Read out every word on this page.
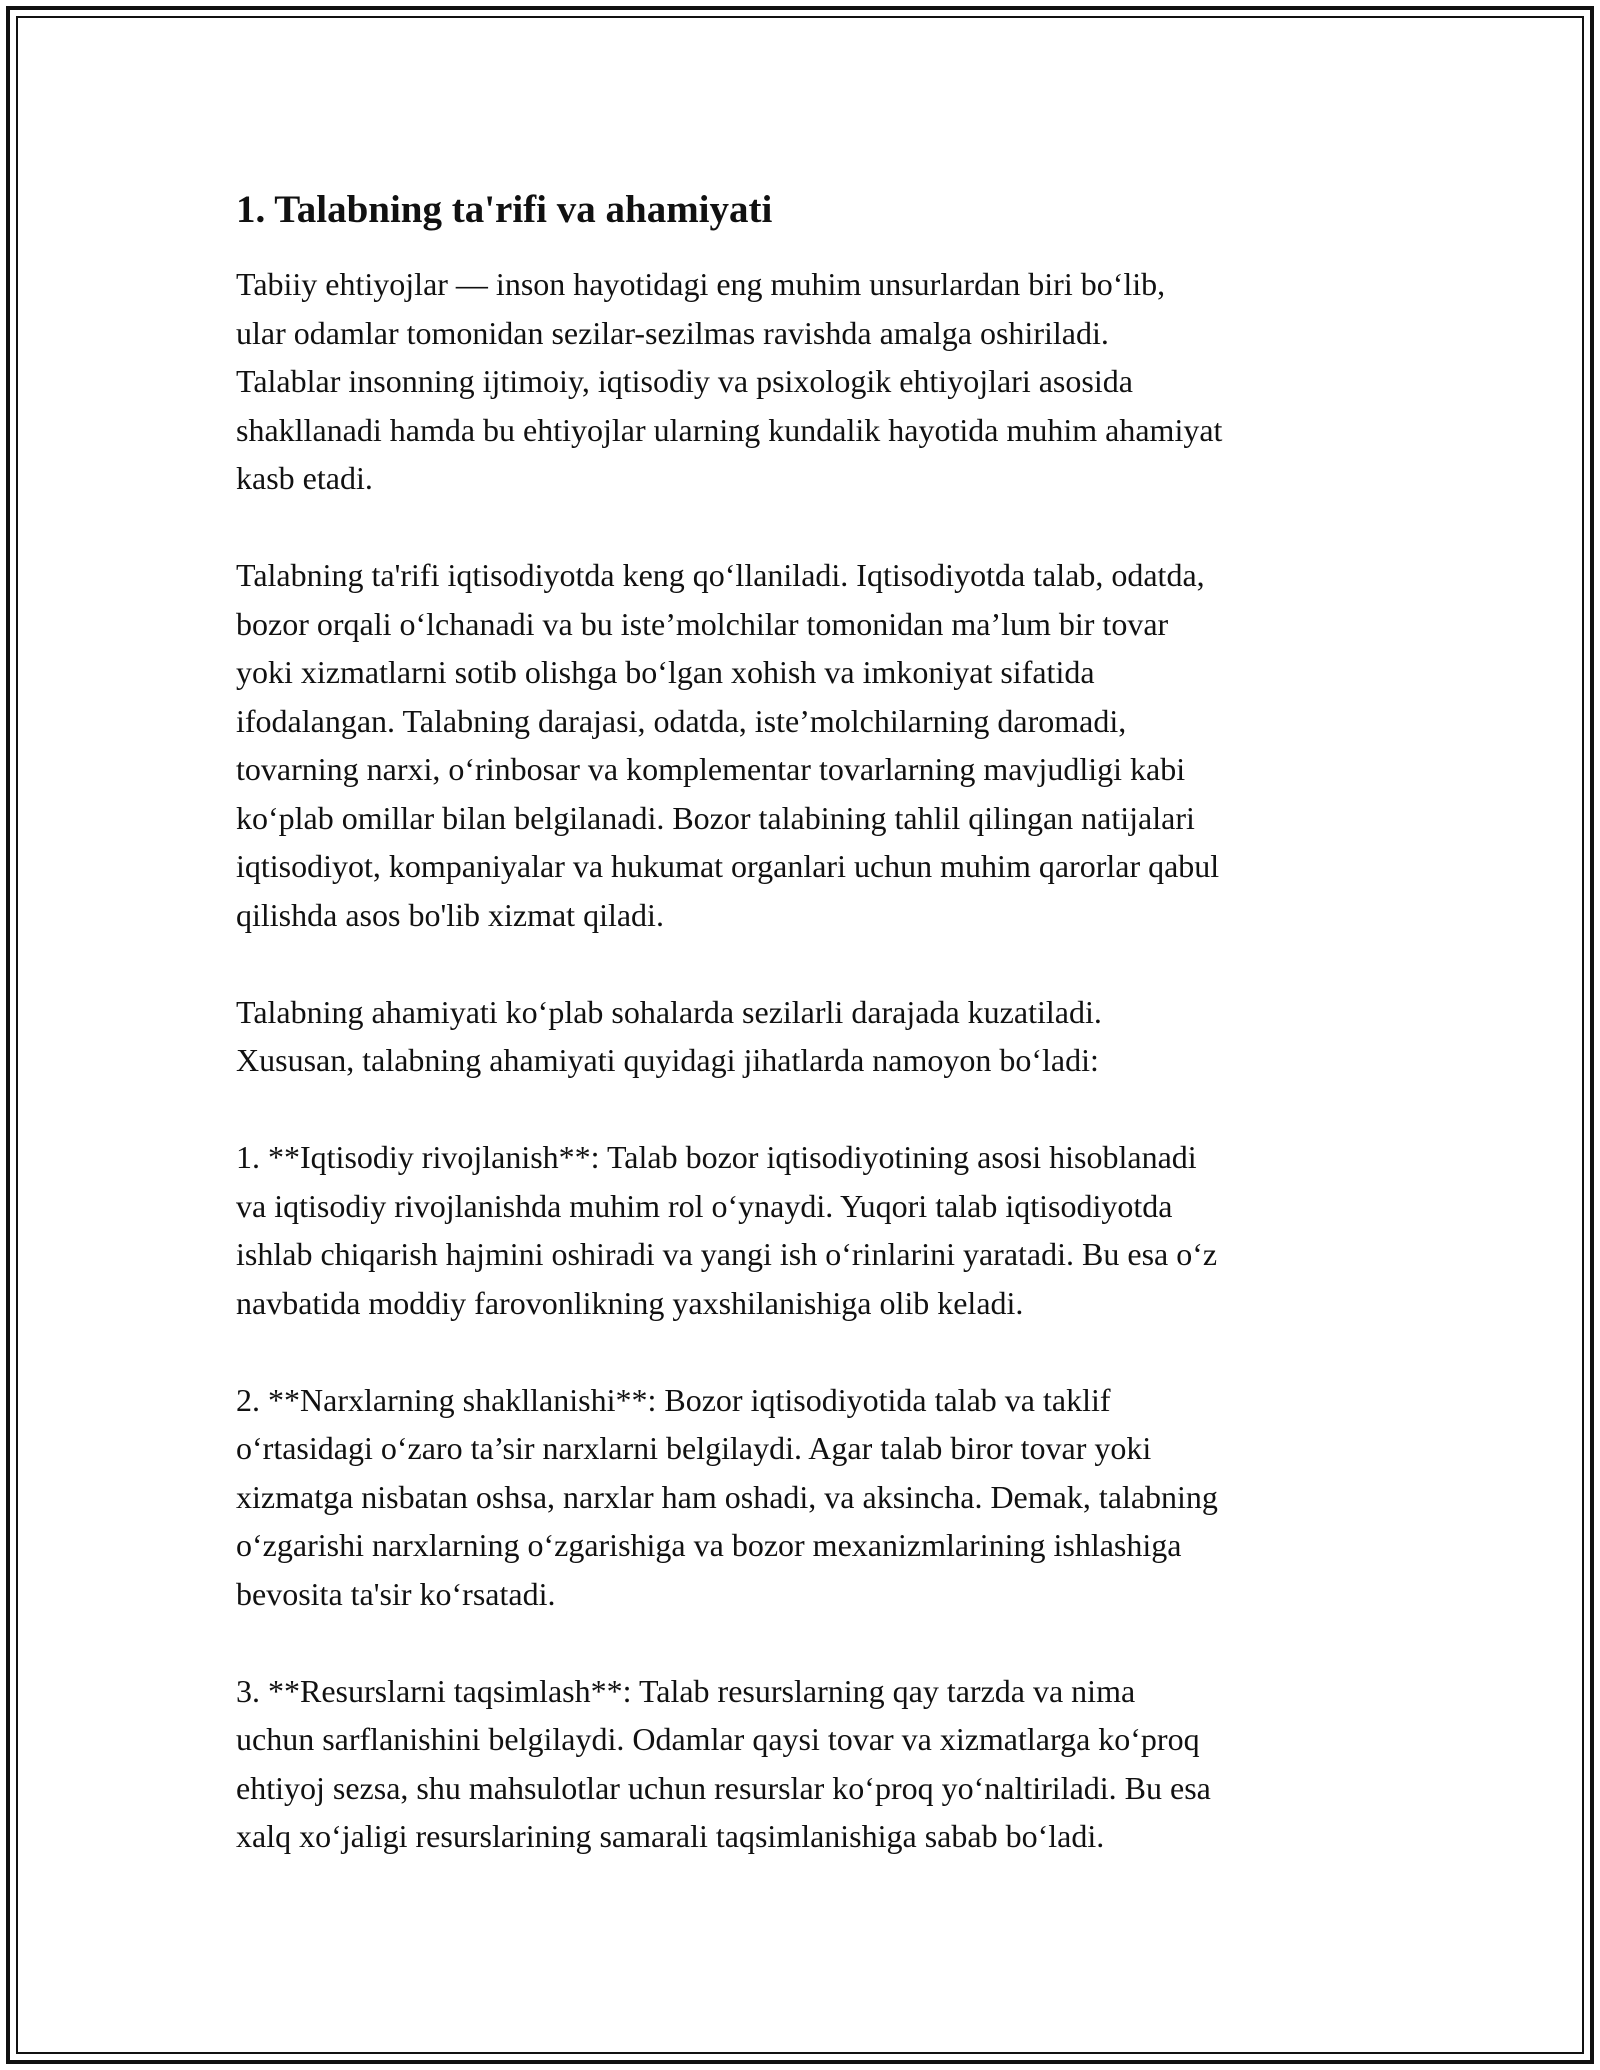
1. Talabning ta'rifi va ahamiyati

Tabiiy ehtiyojlar — inson hayotidagi eng muhim unsurlardan biri bo‘lib,
ular odamlar tomonidan sezilar-sezilmas ravishda amalga oshiriladi.
Talablar insonning ijtimoiy, iqtisodiy va psixologik ehtiyojlari asosida
shakllanadi hamda bu ehtiyojlar ularning kundalik hayotida muhim ahamiyat
kasb etadi.

Talabning ta'rifi iqtisodiyotda keng qo‘llaniladi. Iqtisodiyotda talab, odatda,
bozor orqali o‘lchanadi va bu iste’molchilar tomonidan ma’lum bir tovar
yoki xizmatlarni sotib olishga bo‘lgan xohish va imkoniyat sifatida
ifodalangan. Talabning darajasi, odatda, iste’molchilarning daromadi,
tovarning narxi, o‘rinbosar va komplementar tovarlarning mavjudligi kabi
ko‘plab omillar bilan belgilanadi. Bozor talabining tahlil qilingan natijalari
iqtisodiyot, kompaniyalar va hukumat organlari uchun muhim qarorlar qabul
qilishda asos bo'lib xizmat qiladi.

Talabning ahamiyati ko‘plab sohalarda sezilarli darajada kuzatiladi.
Xususan, talabning ahamiyati quyidagi jihatlarda namoyon bo‘ladi:

1. **Iqtisodiy rivojlanish**: Talab bozor iqtisodiyotining asosi hisoblanadi
va iqtisodiy rivojlanishda muhim rol o‘ynaydi. Yuqori talab iqtisodiyotda
ishlab chiqarish hajmini oshiradi va yangi ish o‘rinlarini yaratadi. Bu esa o‘z
navbatida moddiy farovonlikning yaxshilanishiga olib keladi.

2. **Narxlarning shakllanishi**: Bozor iqtisodiyotida talab va taklif
o‘rtasidagi o‘zaro ta’sir narxlarni belgilaydi. Agar talab biror tovar yoki
xizmatga nisbatan oshsa, narxlar ham oshadi, va aksincha. Demak, talabning
o‘zgarishi narxlarning o‘zgarishiga va bozor mexanizmlarining ishlashiga
bevosita ta'sir ko‘rsatadi.

3. **Resurslarni taqsimlash**: Talab resurslarning qay tarzda va nima
uchun sarflanishini belgilaydi. Odamlar qaysi tovar va xizmatlarga ko‘proq
ehtiyoj sezsa, shu mahsulotlar uchun resurslar ko‘proq yo‘naltiriladi. Bu esa
xalq xo‘jaligi resurslarining samarali taqsimlanishiga sabab bo‘ladi.
